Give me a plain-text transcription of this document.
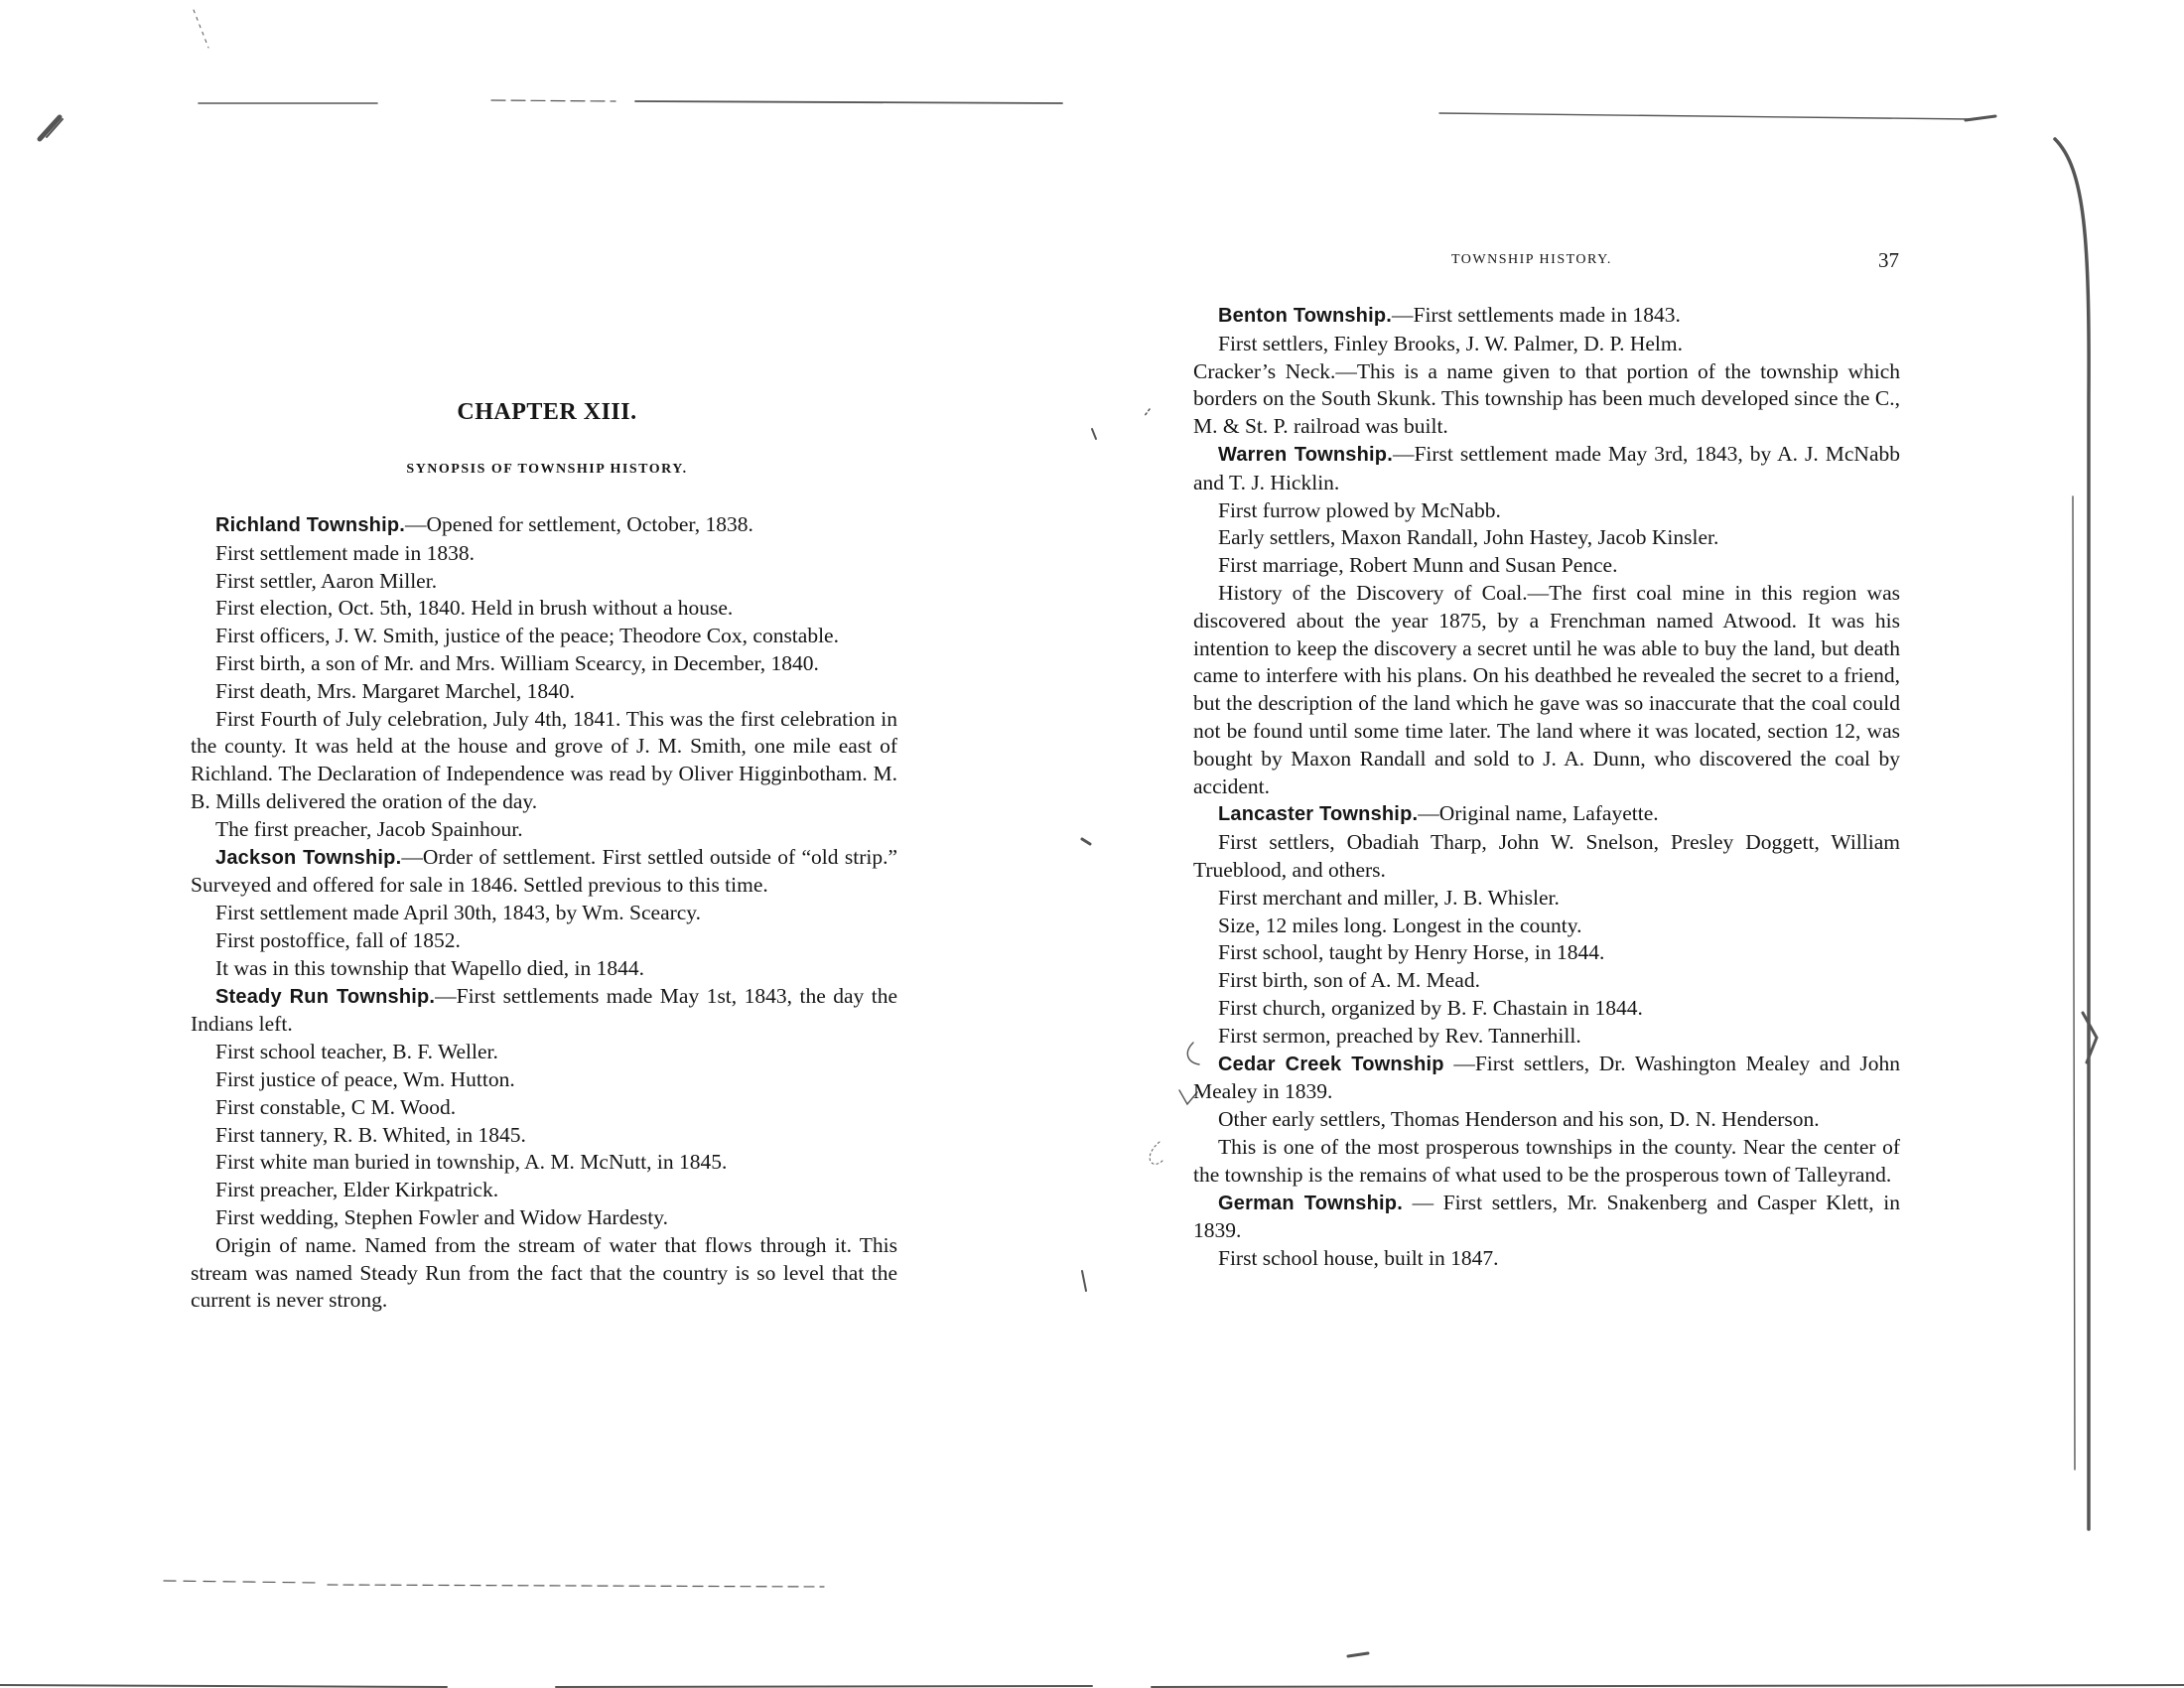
CHAPTER XIII.
SYNOPSIS OF TOWNSHIP HISTORY.

Richland Township.—Opened for settlement, October, 1838.

First settlement made in 1838.

First settler, Aaron Miller.

First election, Oct. 5th, 1840. Held in brush without a house.

First officers, J. W. Smith, justice of the peace; Theodore Cox, constable.

First birth, a son of Mr. and Mrs. William Scearcy, in December, 1840.

First death, Mrs. Margaret Marchel, 1840.

First Fourth of July celebration, July 4th, 1841. This was the first celebration in the county. It was held at the house and grove of J. M. Smith, one mile east of Richland. The Declaration of Independence was read by Oliver Higginbotham. M. B. Mills delivered the oration of the day.

The first preacher, Jacob Spainhour.

Jackson Township.—Order of settlement. First settled outside of “old strip.” Surveyed and offered for sale in 1846. Settled previous to this time.

First settlement made April 30th, 1843, by Wm. Scearcy.

First postoffice, fall of 1852.

It was in this township that Wapello died, in 1844.

Steady Run Township.—First settlements made May 1st, 1843, the day the Indians left.

First school teacher, B. F. Weller.

First justice of peace, Wm. Hutton.

First constable, C M. Wood.

First tannery, R. B. Whited, in 1845.

First white man buried in township, A. M. McNutt, in 1845.

First preacher, Elder Kirkpatrick.

First wedding, Stephen Fowler and Widow Hardesty.

Origin of name. Named from the stream of water that flows through it. This stream was named Steady Run from the fact that the country is so level that the current is never strong.

TOWNSHIP HISTORY.	37

Benton Township.—First settlements made in 1843.

First settlers, Finley Brooks, J. W. Palmer, D. P. Helm.

Cracker’s Neck.—This is a name given to that portion of the township which borders on the South Skunk. This township has been much developed since the C., M. & St. P. railroad was built.

Warren Township.—First settlement made May 3rd, 1843, by A. J. McNabb and T. J. Hicklin.

First furrow plowed by McNabb.

Early settlers, Maxon Randall, John Hastey, Jacob Kinsler.

First marriage, Robert Munn and Susan Pence.

History of the Discovery of Coal.—The first coal mine in this region was discovered about the year 1875, by a Frenchman named Atwood. It was his intention to keep the discovery a secret until he was able to buy the land, but death came to interfere with his plans. On his deathbed he revealed the secret to a friend, but the description of the land which he gave was so inaccurate that the coal could not be found until some time later. The land where it was located, section 12, was bought by Maxon Randall and sold to J. A. Dunn, who discovered the coal by accident.

Lancaster Township.—Original name, Lafayette.

First settlers, Obadiah Tharp, John W. Snelson, Presley Doggett, William Trueblood, and others.

First merchant and miller, J. B. Whisler.

Size, 12 miles long. Longest in the county.

First school, taught by Henry Horse, in 1844.

First birth, son of A. M. Mead.

First church, organized by B. F. Chastain in 1844.

First sermon, preached by Rev. Tannerhill.

Cedar Creek Township —First settlers, Dr. Washington Mealey and John Mealey in 1839.

Other early settlers, Thomas Henderson and his son, D. N. Henderson.

This is one of the most prosperous townships in the county. Near the center of the township is the remains of what used to be the prosperous town of Talleyrand.

German Township. — First settlers, Mr. Snakenberg and Casper Klett, in 1839.

First school house, built in 1847.
